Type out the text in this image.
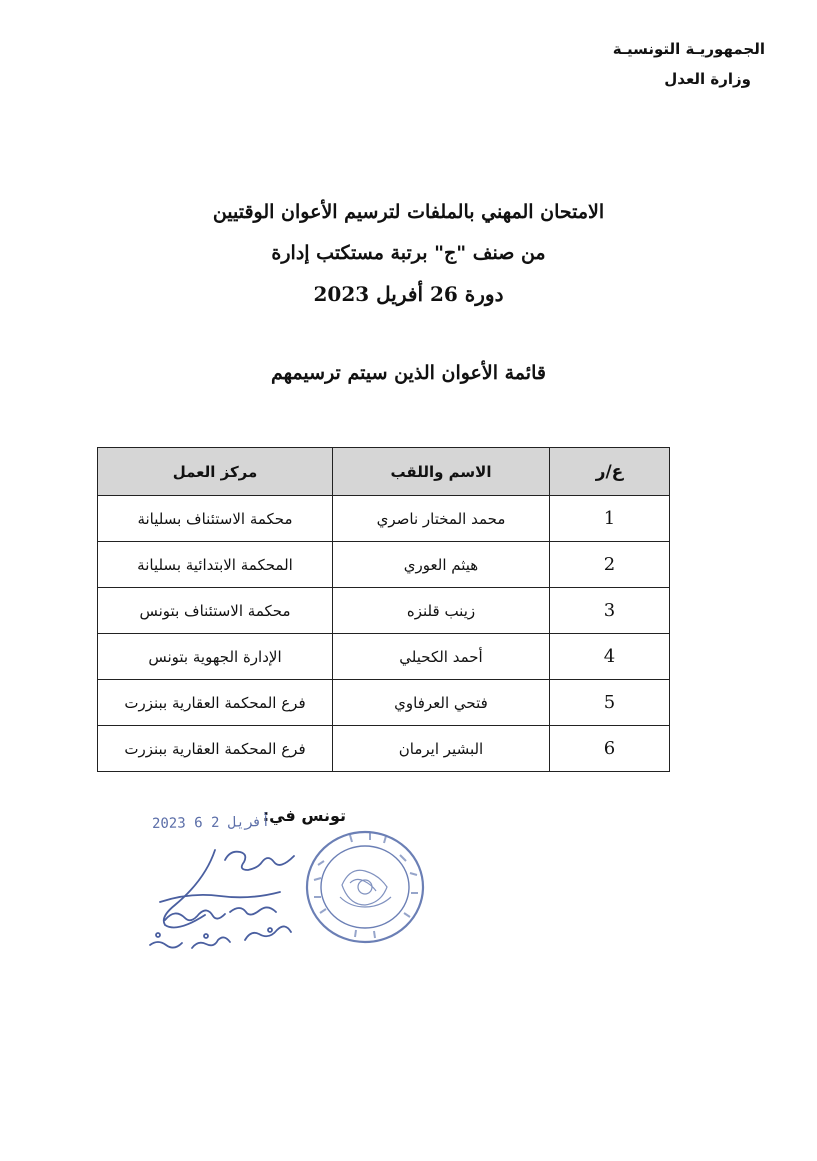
الجمهوريـة التونسيـة
وزارة العدل
الامتحان المهني بالملفات لترسيم الأعوان الوقتيين
من صنف "ج" برتبة مستكتب إدارة
دورة 26 أفريل 2023
قائمة الأعوان الذين سيتم ترسيمهم
ع/ر	الاسم واللقب	مركز العمل
1	محمد المختار ناصري	محكمة الاستئناف بسليانة
2	هيثم العوري	المحكمة الابتدائية بسليانة
3	زينب قلنزه	محكمة الاستئناف بتونس
4	أحمد الكحيلي	الإدارة الجهوية بتونس
5	فتحي العرفاوي	فرع المحكمة العقارية ببنزرت
6	البشير ايرمان	فرع المحكمة العقارية ببنزرت
تونس في:
2023 أفريل 2 6
